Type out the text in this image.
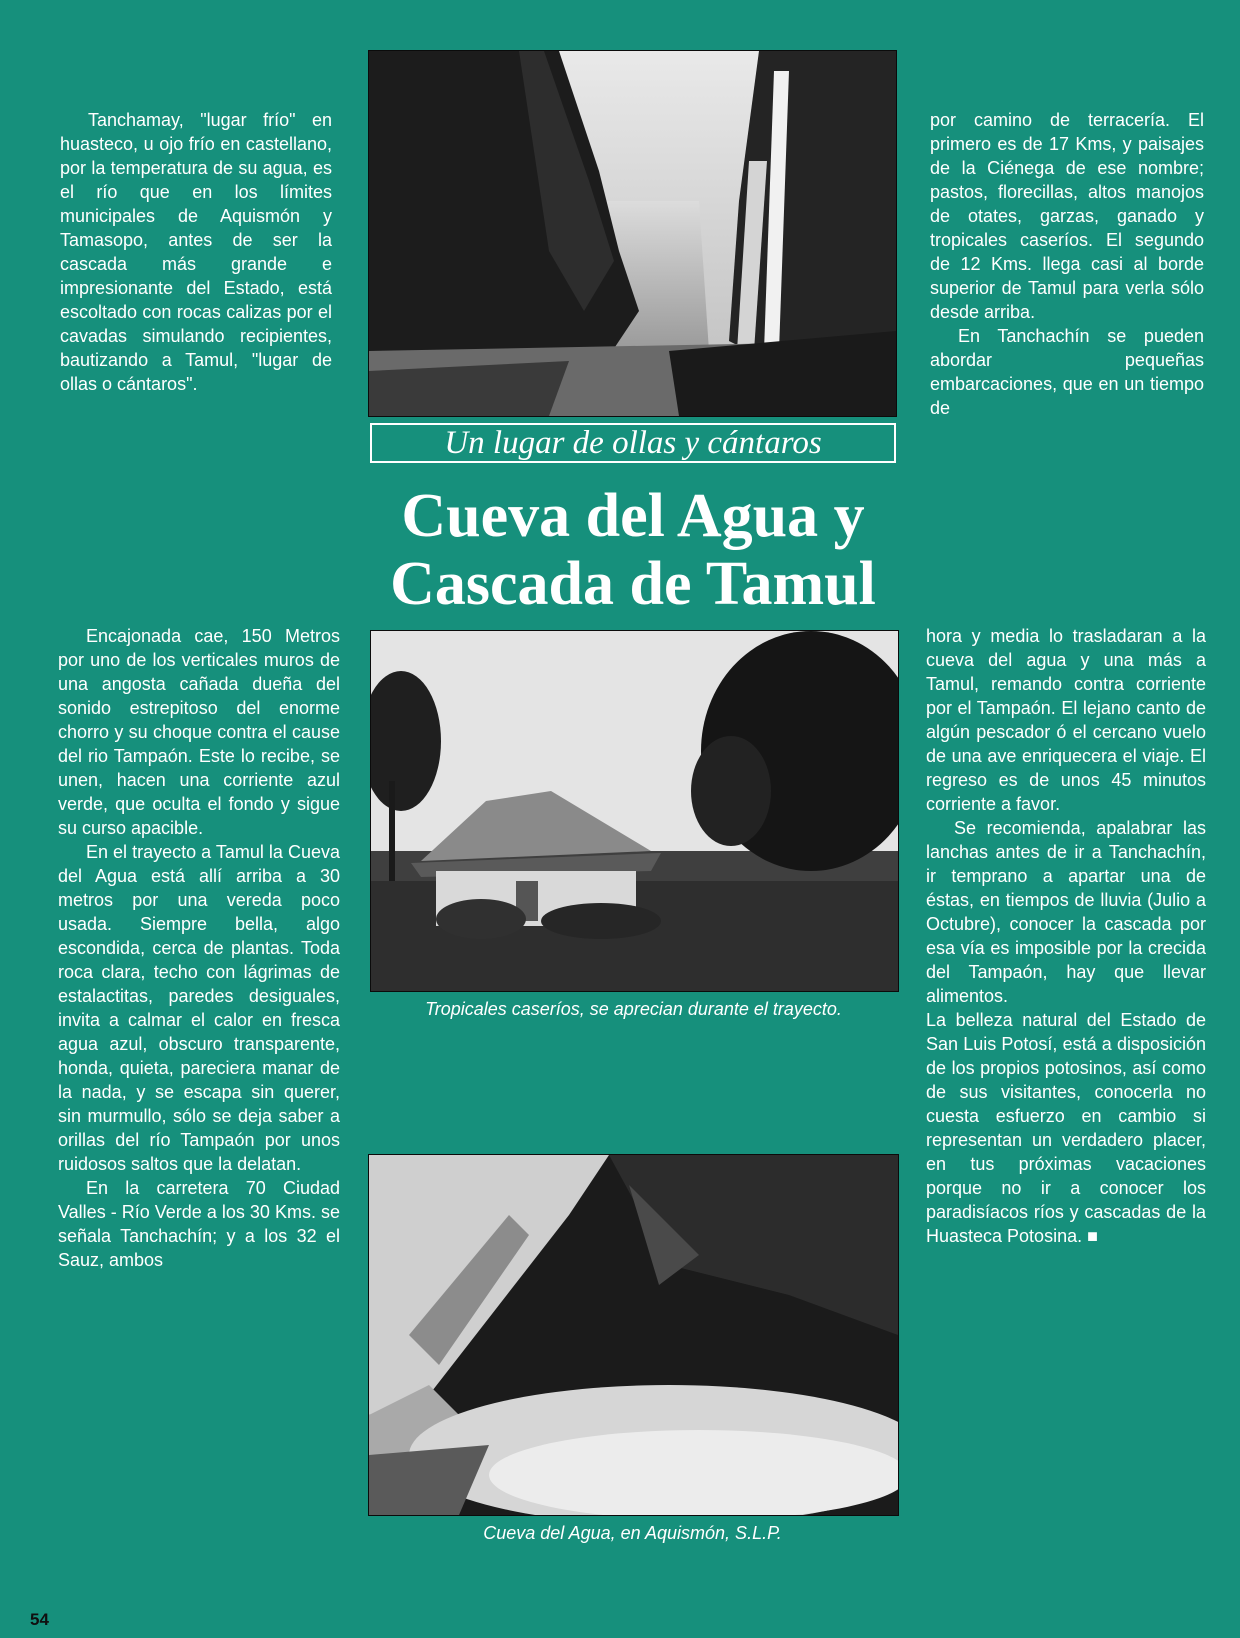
Tanchamay, "lugar frío" en huasteco, u ojo frío en castellano, por la temperatura de su agua, es el río que en los límites municipales de Aquismón y Tamasopo, antes de ser la cascada más grande e impresionante del Estado, está escoltado con rocas calizas por el cavadas simulando recipientes, bautizando a Tamul, "lugar de ollas o cántaros".

por camino de terracería. El primero es de 17 Kms, y paisajes de la Ciénega de ese nombre; pastos, florecillas, altos manojos de otates, garzas, ganado y tropicales caseríos. El segundo de 12 Kms. llega casi al borde superior de Tamul para verla sólo desde arriba.

En Tanchachín se pueden abordar pequeñas embarcaciones, que en un tiempo de

Un lugar de ollas y cántaros
Cueva del Agua y
Cascada de Tamul

Encajonada cae, 150 Metros por uno de los verticales muros de una angosta cañada dueña del sonido estrepitoso del enorme chorro y su choque contra el cause del rio Tampaón. Este lo recibe, se unen, hacen una corriente azul verde, que oculta el fondo y sigue su curso apacible.

En el trayecto a Tamul la Cueva del Agua está allí arriba a 30 metros por una vereda poco usada. Siempre bella, algo escondida, cerca de plantas. Toda roca clara, techo con lágrimas de estalactitas, paredes desiguales, invita a calmar el calor en fresca agua azul, obscuro transparente, honda, quieta, pareciera manar de la nada, y se escapa sin querer, sin murmullo, sólo se deja saber a orillas del río Tampaón por unos ruidosos saltos que la delatan.

En la carretera 70 Ciudad Valles - Río Verde a los 30 Kms. se señala Tanchachín; y a los 32 el Sauz, ambos

Tropicales caseríos, se aprecian durante el trayecto.

hora y media lo trasladaran a la cueva del agua y una más a Tamul, remando contra corriente por el Tampaón. El lejano canto de algún pescador ó el cercano vuelo de una ave enriquecera el viaje. El regreso es de unos 45 minutos corriente a favor.

Se recomienda, apalabrar las lanchas antes de ir a Tanchachín, ir temprano a apartar una de éstas, en tiempos de lluvia (Julio a Octubre), conocer la cascada por esa vía es imposible por la crecida del Tampaón, hay que llevar alimentos.

La belleza natural del Estado de San Luis Potosí, está a disposición de los propios potosinos, así como de sus visitantes, conocerla no cuesta esfuerzo en cambio si representan un verdadero placer, en tus próximas vacaciones porque no ir a conocer los paradisíacos ríos y cascadas de la Huasteca Potosina. ■

Cueva del Agua, en Aquismón, S.L.P.
54
